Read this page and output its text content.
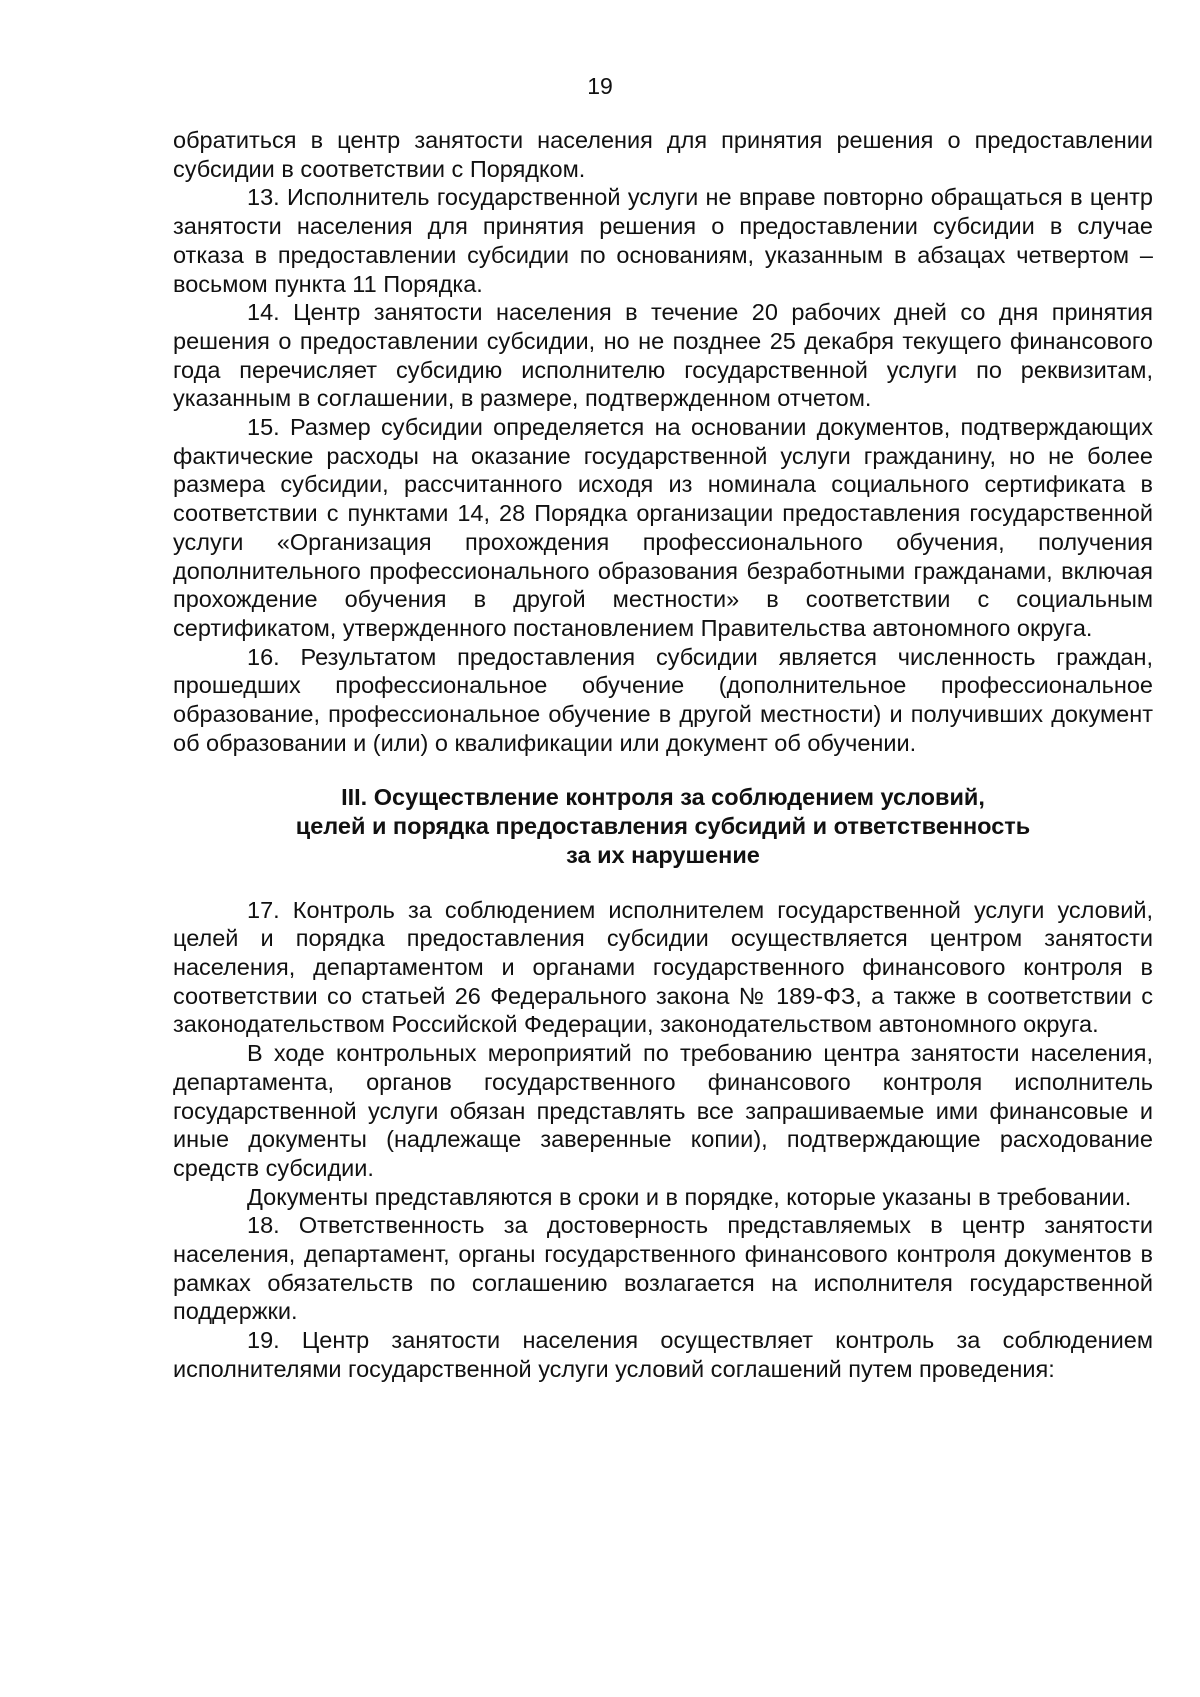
19

обратиться в центр занятости населения для принятия решения о предоставлении субсидии в соответствии с Порядком.

13. Исполнитель государственной услуги не вправе повторно обращаться в центр занятости населения для принятия решения о предоставлении субсидии в случае отказа в предоставлении субсидии по основаниям, указанным в абзацах четвертом – восьмом пункта 11 Порядка.

14. Центр занятости населения в течение 20 рабочих дней со дня принятия решения о предоставлении субсидии, но не позднее 25 декабря текущего финансового года перечисляет субсидию исполнителю государственной услуги по реквизитам, указанным в соглашении, в размере, подтвержденном отчетом.

15. Размер субсидии определяется на основании документов, подтверждающих фактические расходы на оказание государственной услуги гражданину, но не более размера субсидии, рассчитанного исходя из номинала социального сертификата в соответствии с пунктами 14, 28 Порядка организации предоставления государственной услуги «Организация прохождения профессионального обучения, получения дополнительного профессионального образования безработными гражданами, включая прохождение обучения в другой местности» в соответствии с социальным сертификатом, утвержденного постановлением Правительства автономного округа.

16. Результатом предоставления субсидии является численность граждан, прошедших профессиональное обучение (дополнительное профессиональное образование, профессиональное обучение в другой местности) и получивших документ об образовании и (или) о квалификации или документ об обучении.

III. Осуществление контроля за соблюдением условий,
целей и порядка предоставления субсидий и ответственность
за их нарушение

17. Контроль за соблюдением исполнителем государственной услуги условий, целей и порядка предоставления субсидии осуществляется центром занятости населения, департаментом и органами государственного финансового контроля в соответствии со статьей 26 Федерального закона № 189-ФЗ, а также в соответствии с законодательством Российской Федерации, законодательством автономного округа.

В ходе контрольных мероприятий по требованию центра занятости населения, департамента, органов государственного финансового контроля исполнитель государственной услуги обязан представлять все запрашиваемые ими финансовые и иные документы (надлежаще заверенные копии), подтверждающие расходование средств субсидии.

Документы представляются в сроки и в порядке, которые указаны в требовании.

18. Ответственность за достоверность представляемых в центр занятости населения, департамент, органы государственного финансового контроля документов в рамках обязательств по соглашению возлагается на исполнителя государственной поддержки.

19. Центр занятости населения осуществляет контроль за соблюдением исполнителями государственной услуги условий соглашений путем проведения:
